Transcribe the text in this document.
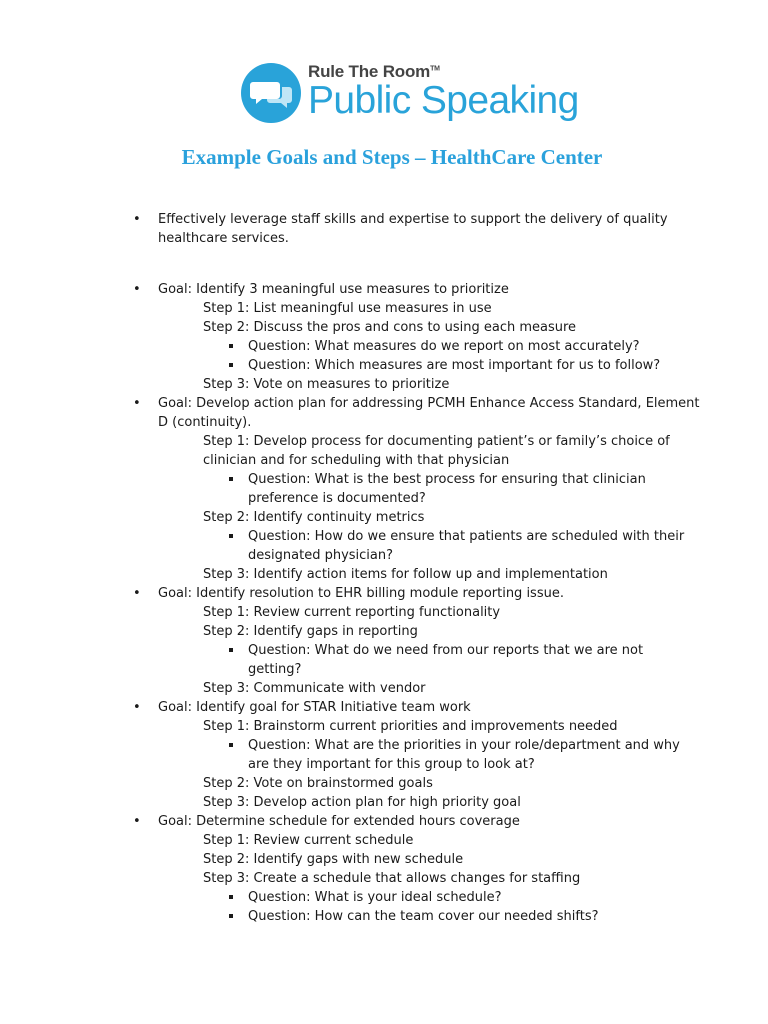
Rule The Room™
Public Speaking
Example Goals and Steps – HealthCare Center
• Effectively leverage staff skills and expertise to support the delivery of quality
healthcare services.
• Goal: Identify 3 meaningful use measures to prioritize
Step 1: List meaningful use measures in use
Step 2: Discuss the pros and cons to using each measure
Question: What measures do we report on most accurately?
Question: Which measures are most important for us to follow?
Step 3: Vote on measures to prioritize
• Goal: Develop action plan for addressing PCMH Enhance Access Standard, Element
D (continuity).
Step 1: Develop process for documenting patient’s or family’s choice of
clinician and for scheduling with that physician
Question: What is the best process for ensuring that clinician
preference is documented?
Step 2: Identify continuity metrics
Question: How do we ensure that patients are scheduled with their
designated physician?
Step 3: Identify action items for follow up and implementation
• Goal: Identify resolution to EHR billing module reporting issue.
Step 1: Review current reporting functionality
Step 2: Identify gaps in reporting
Question: What do we need from our reports that we are not
getting?
Step 3: Communicate with vendor
• Goal: Identify goal for STAR Initiative team work
Step 1: Brainstorm current priorities and improvements needed
Question: What are the priorities in your role/department and why
are they important for this group to look at?
Step 2: Vote on brainstormed goals
Step 3: Develop action plan for high priority goal
• Goal: Determine schedule for extended hours coverage
Step 1: Review current schedule
Step 2: Identify gaps with new schedule
Step 3: Create a schedule that allows changes for staffing
Question: What is your ideal schedule?
Question: How can the team cover our needed shifts?
